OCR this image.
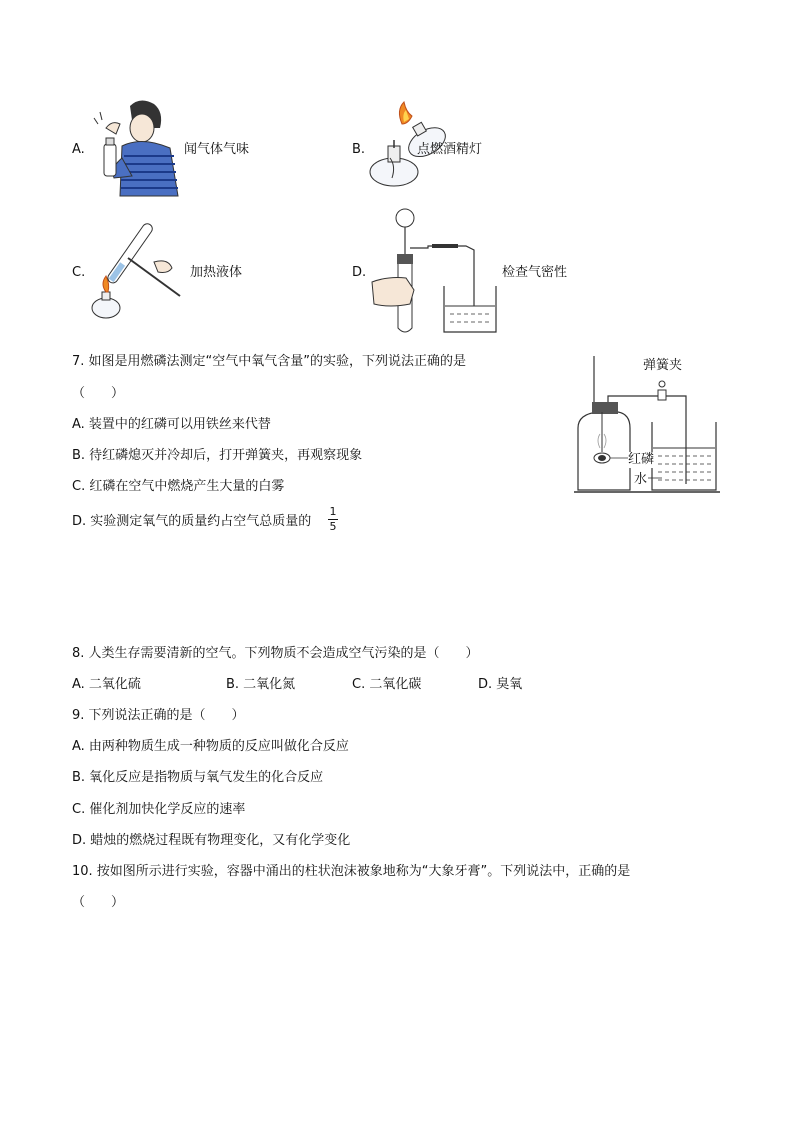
A.	闻气体气味	B.	点燃酒精灯
C.	加热液体	D.	检查气密性
7. 如图是用燃磷法测定“空气中氧气含量”的实验，下列说法正确的是
（　　）
A. 装置中的红磷可以用铁丝来代替
B. 待红磷熄灭并冷却后，打开弹簧夹，再观察现象
C. 红磷在空气中燃烧产生大量的白雾
D. 实验测定氧气的质量约占空气总质量的
1
5
弹簧夹
红磷
水
8. 人类生存需要清新的空气。下列物质不会造成空气污染的是（　　）
A. 二氧化硫	B. 二氧化氮	C. 二氧化碳	D. 臭氧
9. 下列说法正确的是（　　）
A. 由两种物质生成一种物质的反应叫做化合反应
B. 氧化反应是指物质与氧气发生的化合反应
C. 催化剂加快化学反应的速率
D. 蜡烛的燃烧过程既有物理变化，又有化学变化
10. 按如图所示进行实验，容器中涌出的柱状泡沫被象地称为“大象牙膏”。下列说法中，正确的是
（　　）
